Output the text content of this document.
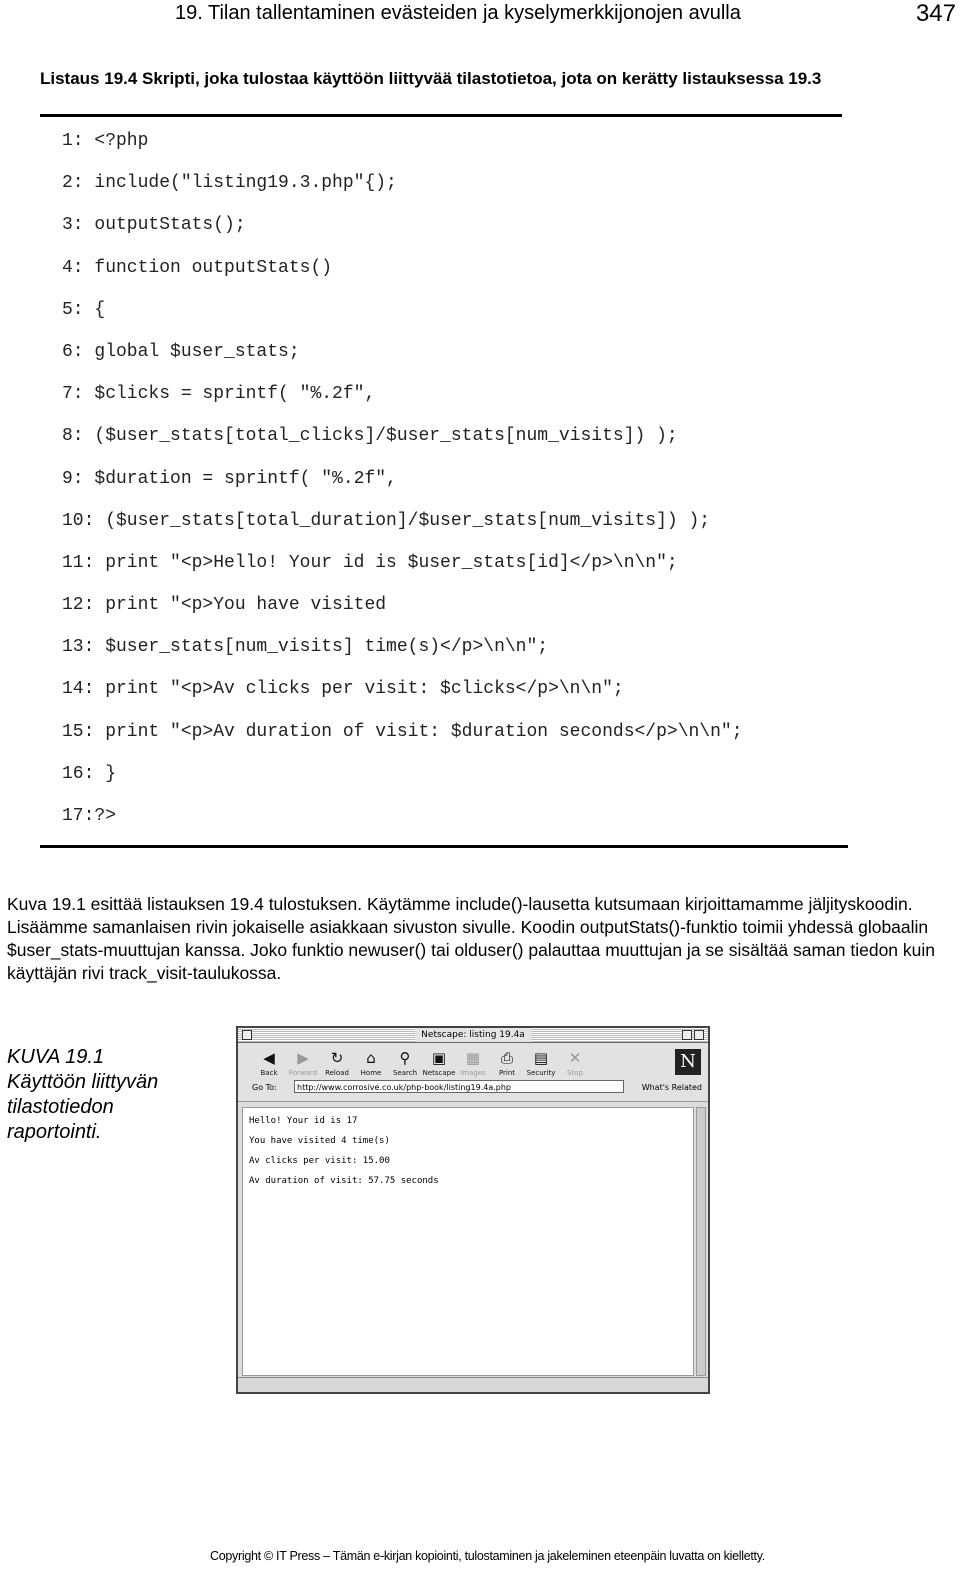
19. Tilan tallentaminen evästeiden ja kyselymerkkijonojen avulla	347
Listaus 19.4 Skripti, joka tulostaa käyttöön liittyvää tilastotietoa, jota on kerätty listauksessa 19.3
1: <?php
2: include("listing19.3.php"{);
3: outputStats();
4: function outputStats()
5: {
6: global $user_stats;
7: $clicks = sprintf( "%.2f",
8: ($user_stats[total_clicks]/$user_stats[num_visits]) );
9: $duration = sprintf( "%.2f",
10: ($user_stats[total_duration]/$user_stats[num_visits]) );
11: print "<p>Hello! Your id is $user_stats[id]</p>\n\n";
12: print "<p>You have visited
13: $user_stats[num_visits] time(s)</p>\n\n";
14: print "<p>Av clicks per visit: $clicks</p>\n\n";
15: print "<p>Av duration of visit: $duration seconds</p>\n\n";
16: }
17:?>

Kuva 19.1 esittää listauksen 19.4 tulostuksen. Käytämme include()-lausetta kutsumaan kirjoittamamme jäljityskoodin. Lisäämme samanlaisen rivin jokaiselle asiakkaan sivuston sivulle. Koodin outputStats()-funktio toimii yhdessä globaalin $user_stats-muuttujan kanssa. Joko funktio newuser() tai olduser() palauttaa muuttujan ja se sisältää saman tiedon kuin käyttäjän rivi track_visit-taulukossa.

KUVA 19.1
Käyttöön liittyvän tilastotiedon raportointi.
Netscape: listing 19.4a
◀
Back
▶
Forward
↻
Reload
⌂
Home
⚲
Search
▣
Netscape
▦
Images
⎙
Print
▤
Security
✕
Stop
N
Go To:	http://www.corrosive.co.uk/php-book/listing19.4a.php	What's Related

Hello! Your id is 17

You have visited 4 time(s)

Av clicks per visit: 15.00

Av duration of visit: 57.75 seconds

Copyright © IT Press – Tämän e-kirjan kopiointi, tulostaminen ja jakeleminen eteenpäin luvatta on kielletty.
